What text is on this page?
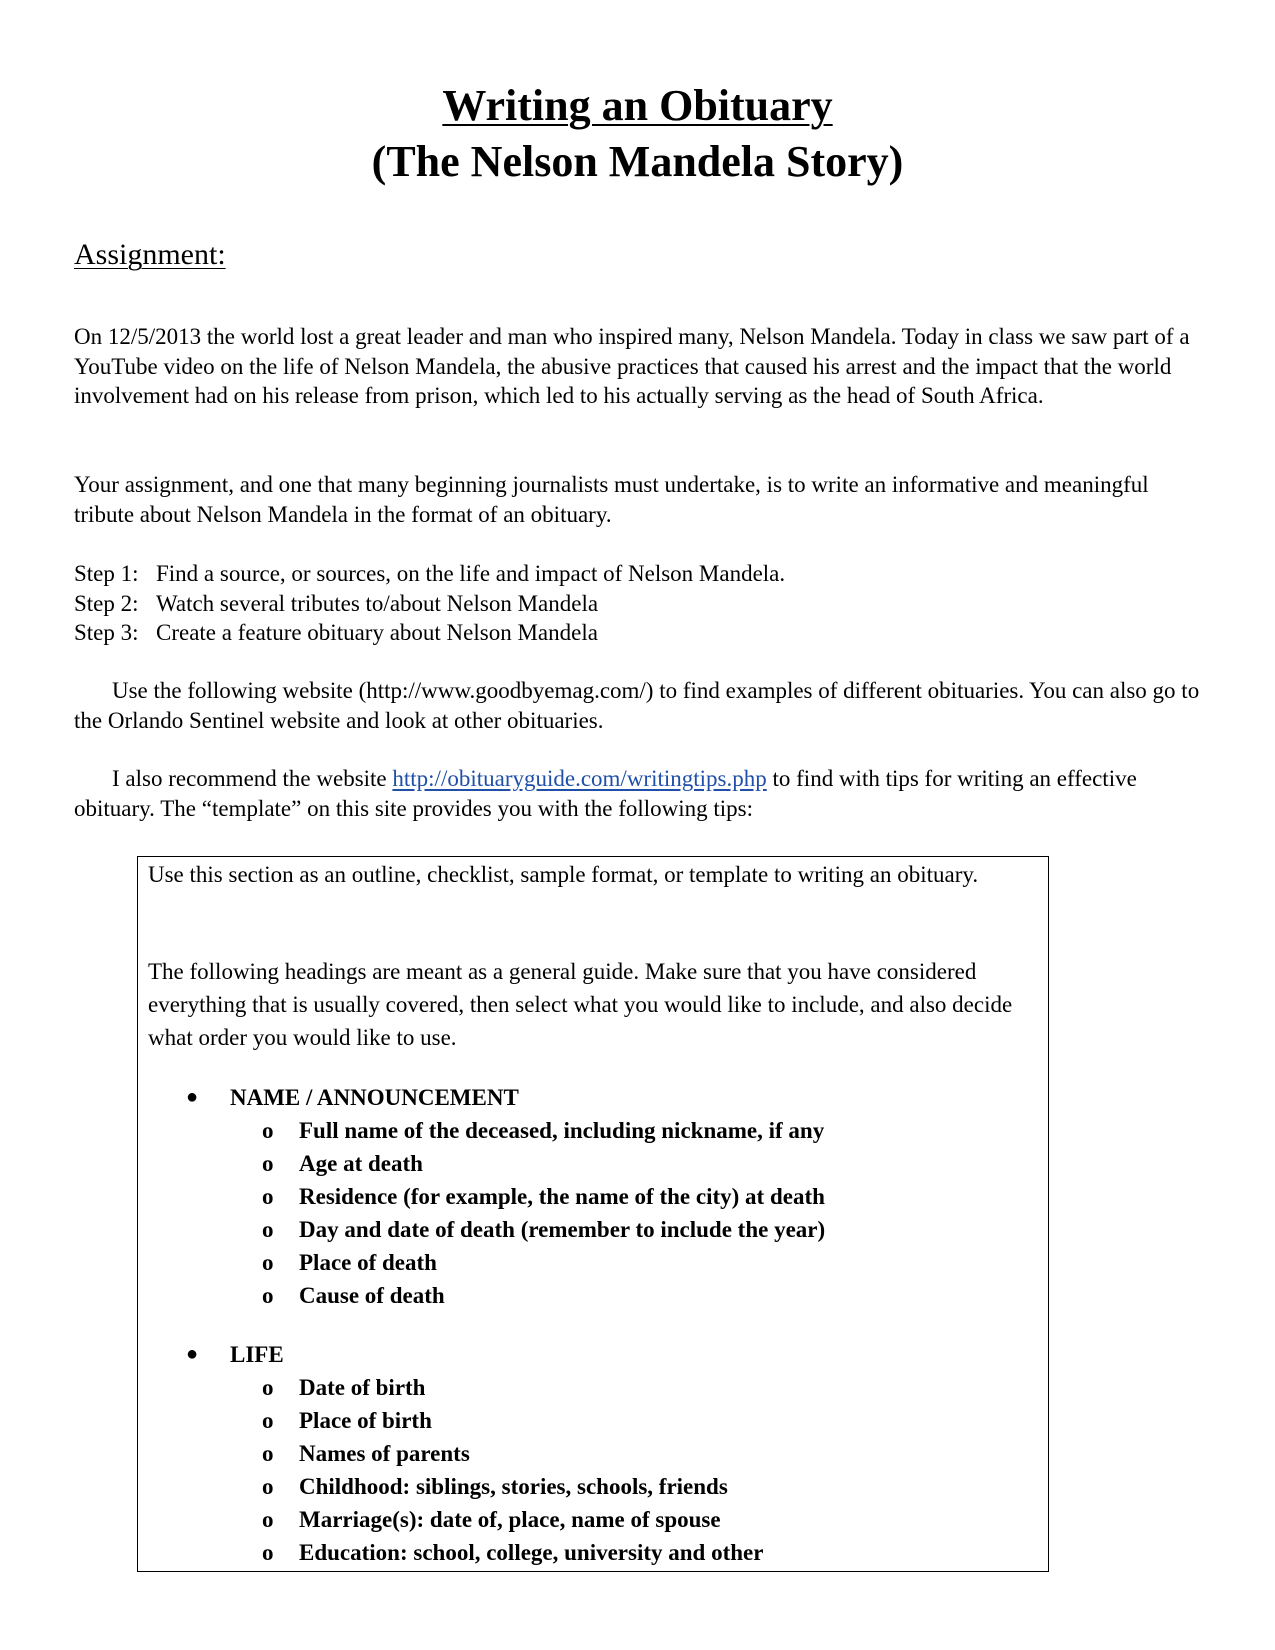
Writing an Obituary
(The Nelson Mandela Story)
Assignment:
On 12/5/2013 the world lost a great leader and man who inspired many, Nelson Mandela. Today in class we saw part of a YouTube video on the life of Nelson Mandela, the abusive practices that caused his arrest and the impact that the world involvement had on his release from prison, which led to his actually serving as the head of South Africa.
Your assignment, and one that many beginning journalists must undertake, is to write an informative and meaningful tribute about Nelson Mandela in the format of an obituary.
Step 1: Find a source, or sources, on the life and impact of Nelson Mandela.
Step 2: Watch several tributes to/about Nelson Mandela
Step 3: Create a feature obituary about Nelson Mandela
Use the following website (http://www.goodbyemag.com/) to find examples of different obituaries. You can also go to the Orlando Sentinel website and look at other obituaries.
I also recommend the website http://obituaryguide.com/writingtips.php to find with tips for writing an effective obituary. The “template” on this site provides you with the following tips:
Use this section as an outline, checklist, sample format, or template to writing an obituary.
The following headings are meant as a general guide. Make sure that you have considered everything that is usually covered, then select what you would like to include, and also decide what order you would like to use.
● NAME / ANNOUNCEMENT
o Full name of the deceased, including nickname, if any
o Age at death
o Residence (for example, the name of the city) at death
o Day and date of death (remember to include the year)
o Place of death
o Cause of death
● LIFE
o Date of birth
o Place of birth
o Names of parents
o Childhood: siblings, stories, schools, friends
o Marriage(s): date of, place, name of spouse
o Education: school, college, university and other
